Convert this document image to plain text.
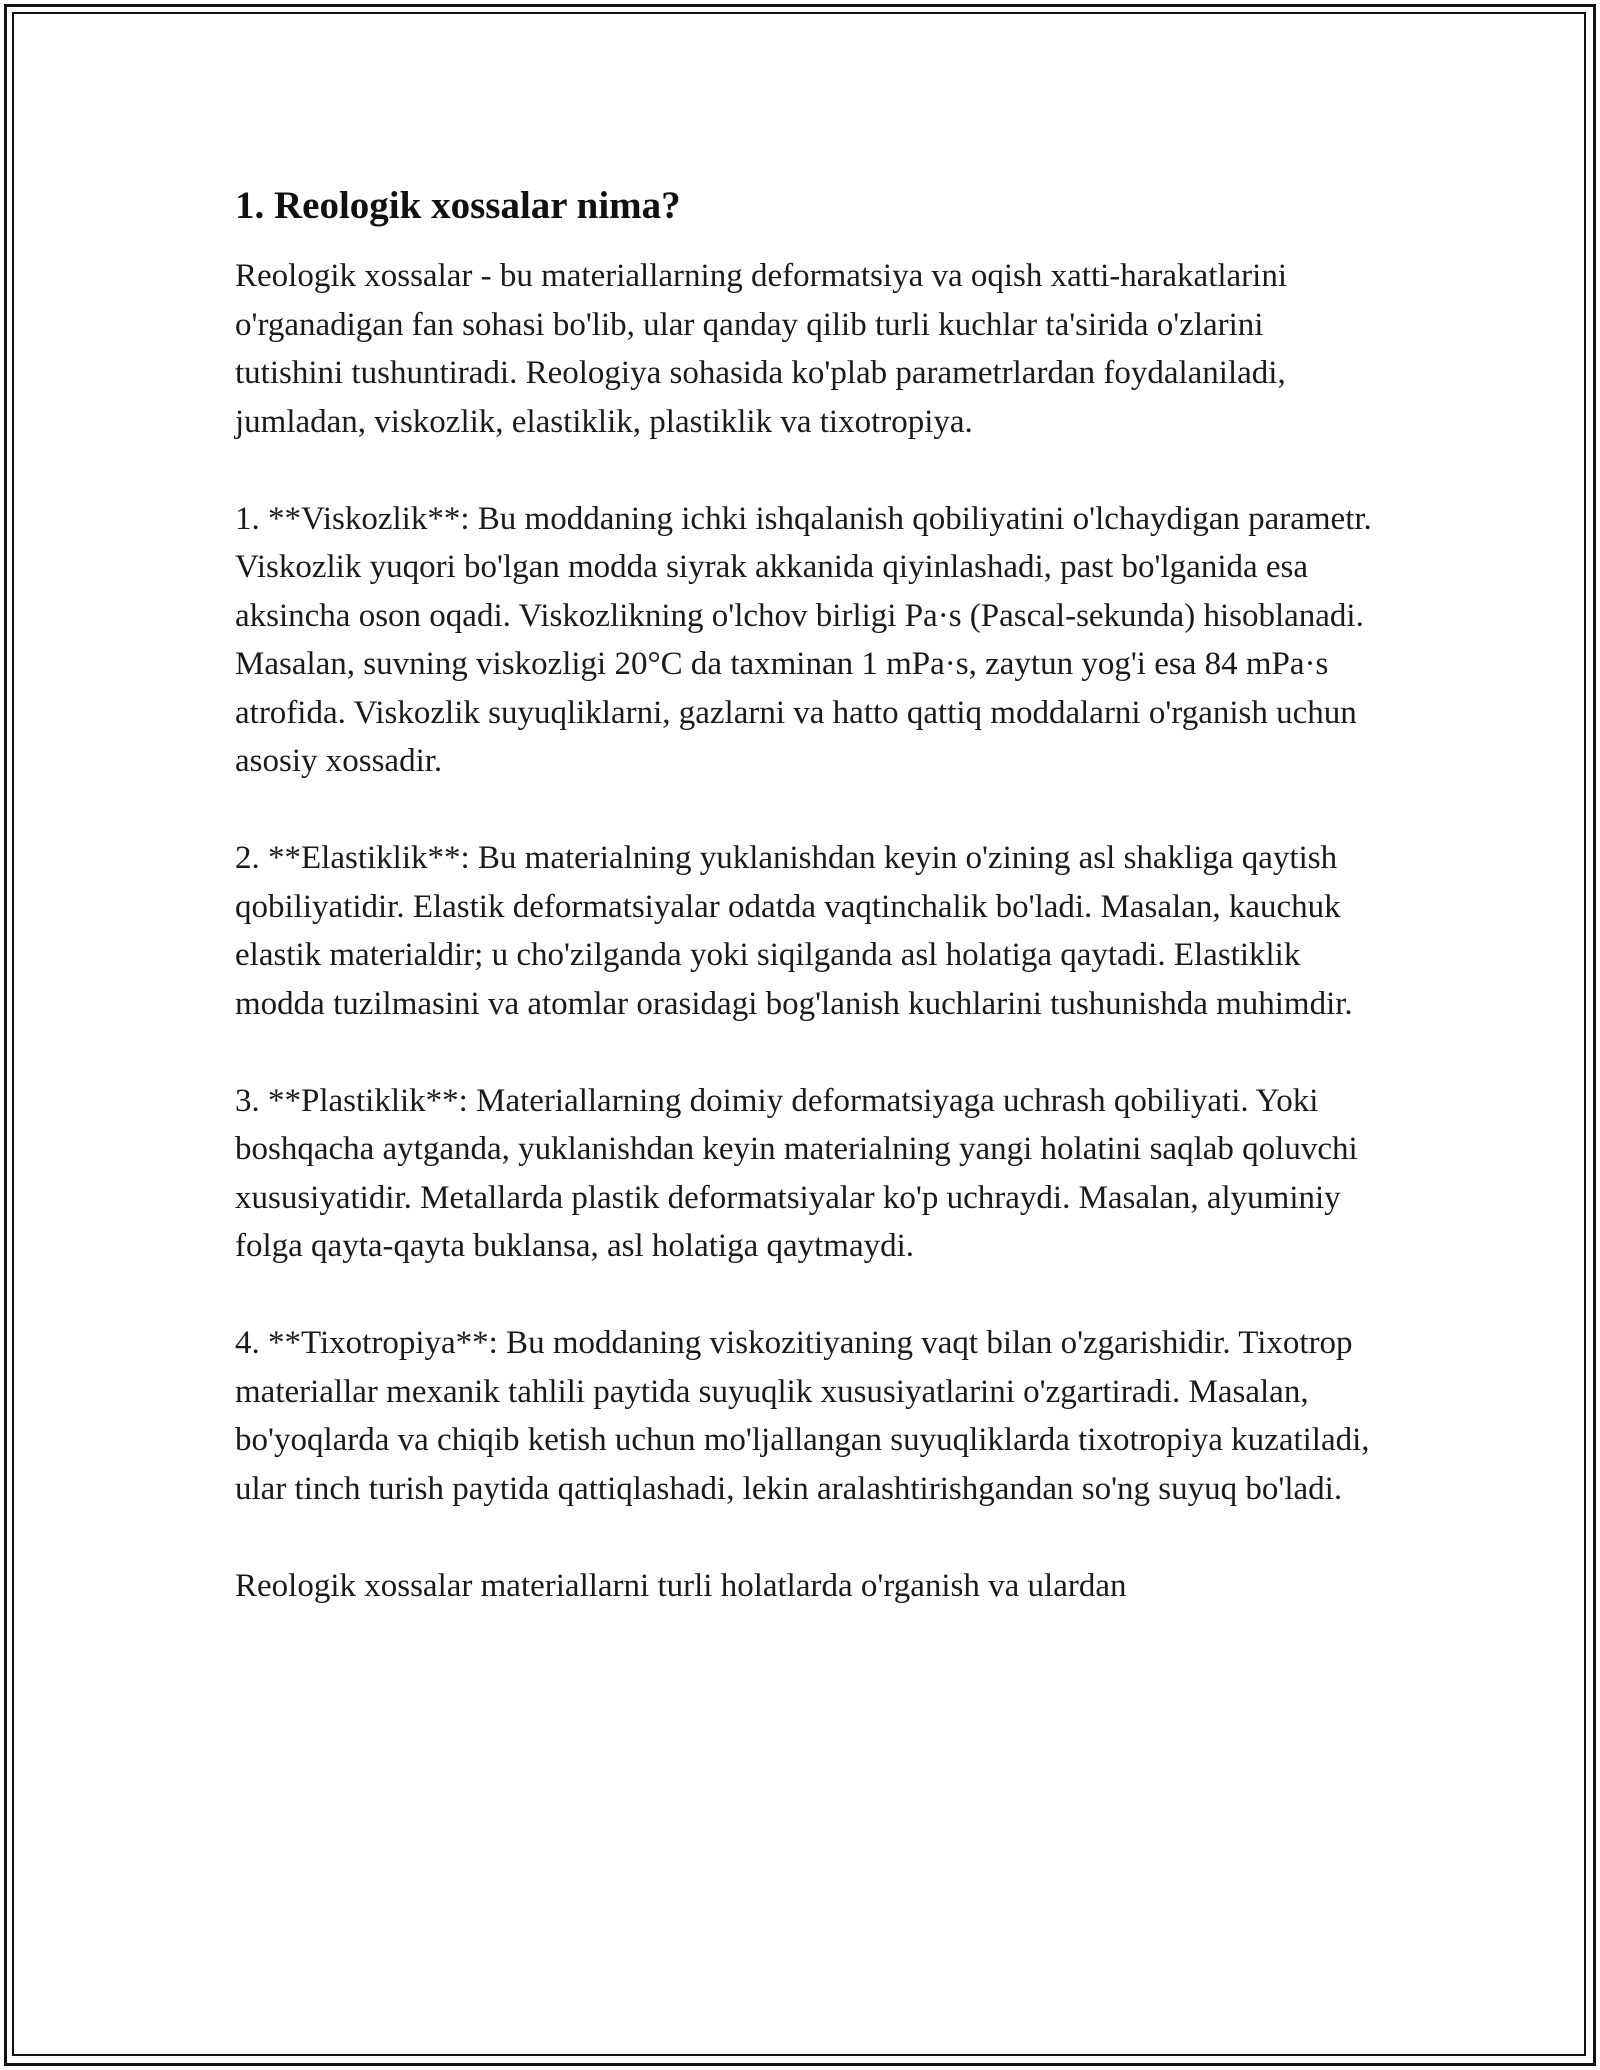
1. Reologik xossalar nima?

Reologik xossalar - bu materiallarning deformatsiya va oqish xatti-harakatlarini o'rganadigan fan sohasi bo'lib, ular qanday qilib turli kuchlar ta'sirida o'zlarini tutishini tushuntiradi. Reologiya sohasida ko'plab parametrlardan foydalaniladi, jumladan, viskozlik, elastiklik, plastiklik va tixotropiya.

1. **Viskozlik**: Bu moddaning ichki ishqalanish qobiliyatini o'lchaydigan parametr. Viskozlik yuqori bo'lgan modda siyrak akkanida qiyinlashadi, past bo'lganida esa aksincha oson oqadi. Viskozlikning o'lchov birligi Pa·s (Pascal-sekunda) hisoblanadi. Masalan, suvning viskozligi 20°C da taxminan 1 mPa·s, zaytun yog'i esa 84 mPa·s atrofida. Viskozlik suyuqliklarni, gazlarni va hatto qattiq moddalarni o'rganish uchun asosiy xossadir.

2. **Elastiklik**: Bu materialning yuklanishdan keyin o'zining asl shakliga qaytish qobiliyatidir. Elastik deformatsiyalar odatda vaqtinchalik bo'ladi. Masalan, kauchuk elastik materialdir; u cho'zilganda yoki siqilganda asl holatiga qaytadi. Elastiklik modda tuzilmasini va atomlar orasidagi bog'lanish kuchlarini tushunishda muhimdir.

3. **Plastiklik**: Materiallarning doimiy deformatsiyaga uchrash qobiliyati. Yoki boshqacha aytganda, yuklanishdan keyin materialning yangi holatini saqlab qoluvchi xususiyatidir. Metallarda plastik deformatsiyalar ko'p uchraydi. Masalan, alyuminiy folga qayta-qayta buklansa, asl holatiga qaytmaydi.

4. **Tixotropiya**: Bu moddaning viskozitiyaning vaqt bilan o'zgarishidir. Tixotrop materiallar mexanik tahlili paytida suyuqlik xususiyatlarini o'zgartiradi. Masalan, bo'yoqlarda va chiqib ketish uchun mo'ljallangan suyuqliklarda tixotropiya kuzatiladi, ular tinch turish paytida qattiqlashadi, lekin aralashtirishgandan so'ng suyuq bo'ladi.

Reologik xossalar materiallarni turli holatlarda o'rganish va ulardan
